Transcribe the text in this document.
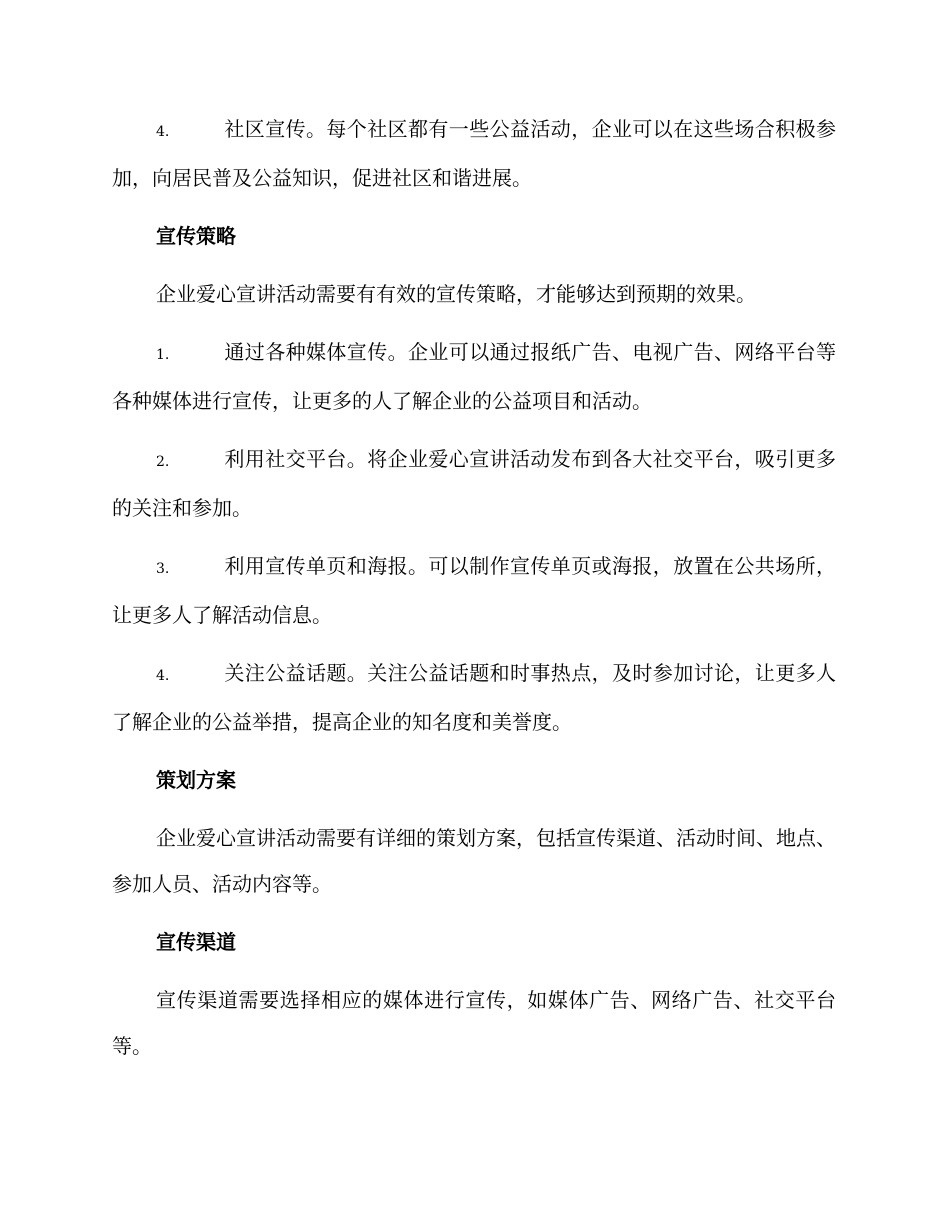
4.	社区宣传。每个社区都有一些公益活动，企业可以在这些场合积极参加，向居民普及公益知识，促进社区和谐进展。

宣传策略

企业爱心宣讲活动需要有有效的宣传策略，才能够达到预期的效果。

1.	通过各种媒体宣传。企业可以通过报纸广告、电视广告、网络平台等各种媒体进行宣传，让更多的人了解企业的公益项目和活动。

2.	利用社交平台。将企业爱心宣讲活动发布到各大社交平台，吸引更多的关注和参加。

3.	利用宣传单页和海报。可以制作宣传单页或海报，放置在公共场所，让更多人了解活动信息。

4.	关注公益话题。关注公益话题和时事热点，及时参加讨论，让更多人了解企业的公益举措，提高企业的知名度和美誉度。

策划方案

企业爱心宣讲活动需要有详细的策划方案，包括宣传渠道、活动时间、地点、参加人员、活动内容等。

宣传渠道

宣传渠道需要选择相应的媒体进行宣传，如媒体广告、网络广告、社交平台等。
